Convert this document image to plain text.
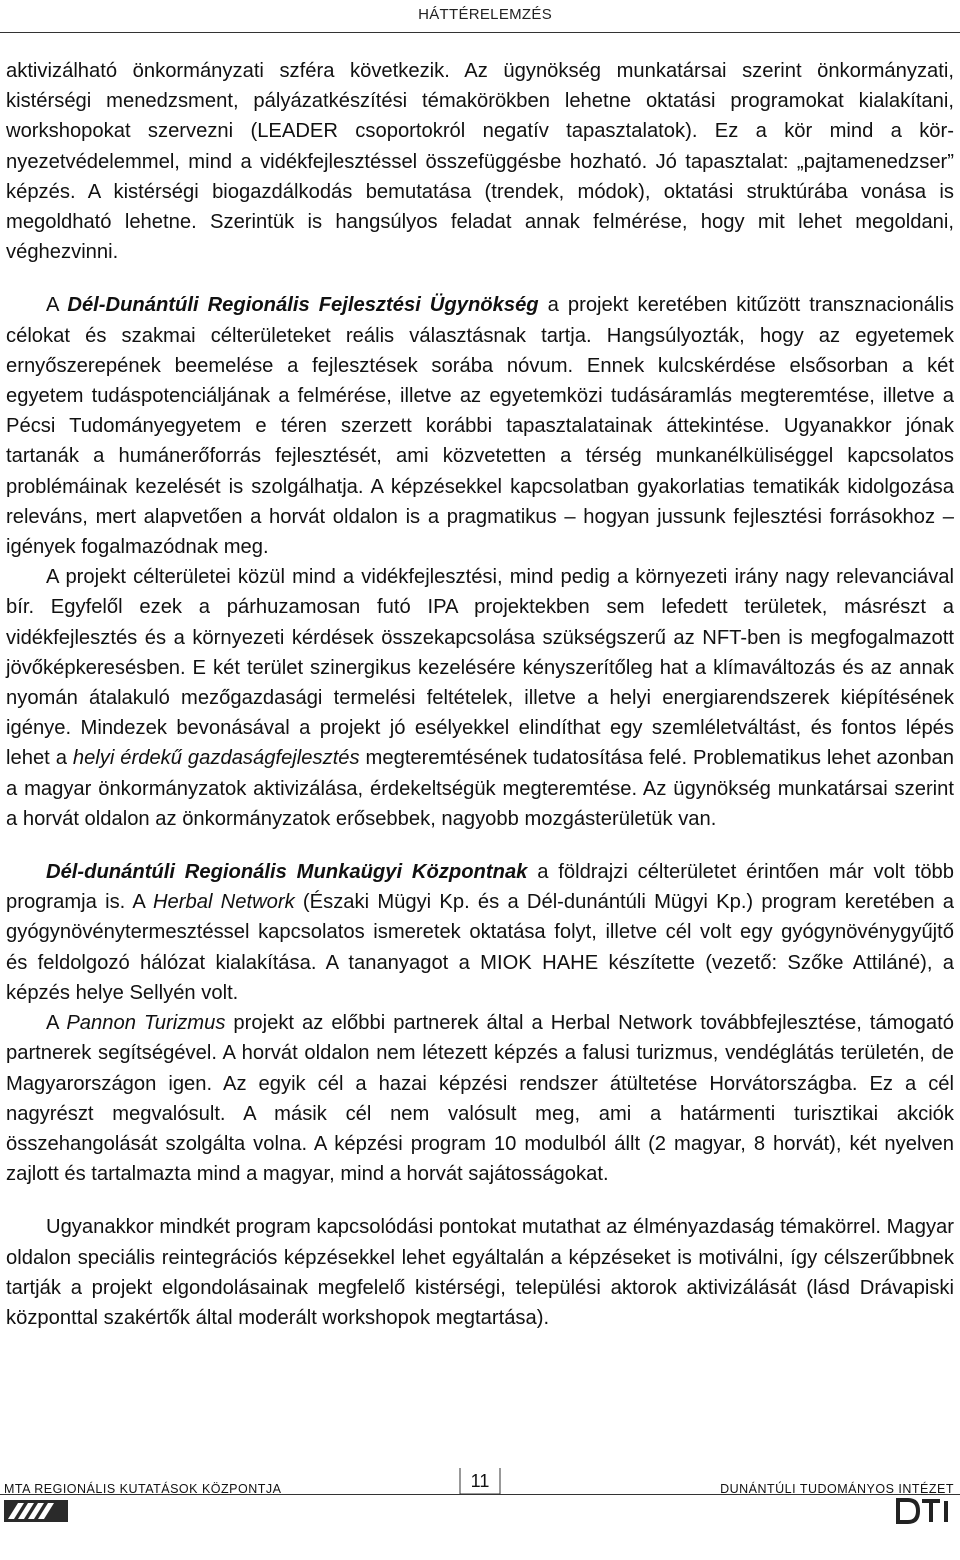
HÁTTÉRELEMZÉS

aktivizálható önkormányzati szféra következik. Az ügynökség munkatársai szerint önkormányzati, kistérségi menedzsment, pályázatkészítési témakörökben lehetne oktatási programokat kialakítani, workshopokat szervezni (LEADER csoportokról negatív tapasztalatok). Ez a kör mind a környezetvédelemmel, mind a vidékfejlesztéssel összefüggésbe hozható. Jó tapasztalat: „pajtamenedzser” képzés. A kistérségi biogazdálkodás bemutatása (trendek, módok), oktatási struktúrába vonása is megoldható lehetne. Szerintük is hangsúlyos feladat annak felmérése, hogy mit lehet megoldani, véghezvinni.

A Dél-Dunántúli Regionális Fejlesztési Ügynökség a projekt keretében kitűzött transznacionális célokat és szakmai célterületeket reális választásnak tartja. Hangsúlyozták, hogy az egyetemek ernyőszerepének beemelése a fejlesztések sorába nóvum. Ennek kulcskérdése elsősorban a két egyetem tudáspotenciáljának a felmérése, illetve az egyetemközi tudásáramlás megteremtése, illetve a Pécsi Tudományegyetem e téren szerzett korábbi tapasztalatainak áttekintése. Ugyanakkor jónak tartanák a humánerőforrás fejlesztését, ami közvetetten a térség munkanélküliséggel kapcsolatos problémáinak kezelését is szolgálhatja. A képzésekkel kapcsolatban gyakorlatias tematikák kidolgozása releváns, mert alapvetően a horvát oldalon is a pragmatikus – hogyan jussunk fejlesztési forrásokhoz – igények fogalmazódnak meg.

A projekt célterületei közül mind a vidékfejlesztési, mind pedig a környezeti irány nagy relevanciával bír. Egyfelől ezek a párhuzamosan futó IPA projektekben sem lefedett területek, másrészt a vidékfejlesztés és a környezeti kérdések összekapcsolása szükségszerű az NFT-ben is megfogalmazott jövőképkeresésben. E két terület szinergikus kezelésére kényszerítőleg hat a klímaváltozás és az annak nyomán átalakuló mezőgazdasági termelési feltételek, illetve a helyi energiarendszerek kiépítésének igénye. Mindezek bevonásával a projekt jó esélyekkel elindíthat egy szemléletváltást, és fontos lépés lehet a helyi érdekű gazdaságfejlesztés megteremtésének tudatosítása felé. Problematikus lehet azonban a magyar önkormányzatok aktivizálása, érdekeltségük megteremtése. Az ügynökség munkatársai szerint a horvát oldalon az önkormányzatok erősebbek, nagyobb mozgásterületük van.

Dél-dunántúli Regionális Munkaügyi Központnak a földrajzi célterületet érintően már volt több programja is. A Herbal Network (Északi Mügyi Kp. és a Dél-dunántúli Mügyi Kp.) program keretében a gyógynövénytermesztéssel kapcsolatos ismeretek oktatása folyt, illetve cél volt egy gyógynövénygyűjtő és feldolgozó hálózat kialakítása. A tananyagot a MIOK HAHE készítette (vezető: Szőke Attiláné), a képzés helye Sellyén volt.

A Pannon Turizmus projekt az előbbi partnerek által a Herbal Network továbbfejlesztése, támogató partnerek segítségével. A horvát oldalon nem létezett képzés a falusi turizmus, vendéglátás területén, de Magyarországon igen. Az egyik cél a hazai képzési rendszer átültetése Horvátországba. Ez a cél nagyrészt megvalósult. A másik cél nem valósult meg, ami a határmenti turisztikai akciók összehangolását szolgálta volna. A képzési program 10 modulból állt (2 magyar, 8 horvát), két nyelven zajlott és tartalmazta mind a magyar, mind a horvát sajátosságokat.

Ugyanakkor mindkét program kapcsolódási pontokat mutathat az élményazdaság témakörrel. Magyar oldalon speciális reintegrációs képzésekkel lehet egyáltalán a képzéseket is motiválni, így célszerűbbnek tartják a projekt elgondolásainak megfelelő kistérségi, települési aktorok aktivizálását (lásd Drávapiski központtal szakértők által moderált workshopok megtartása).

MTA REGIONÁLIS KUTATÁSOK KÖZPONTJA	11	DUNÁNTÚLI TUDOMÁNYOS INTÉZET
